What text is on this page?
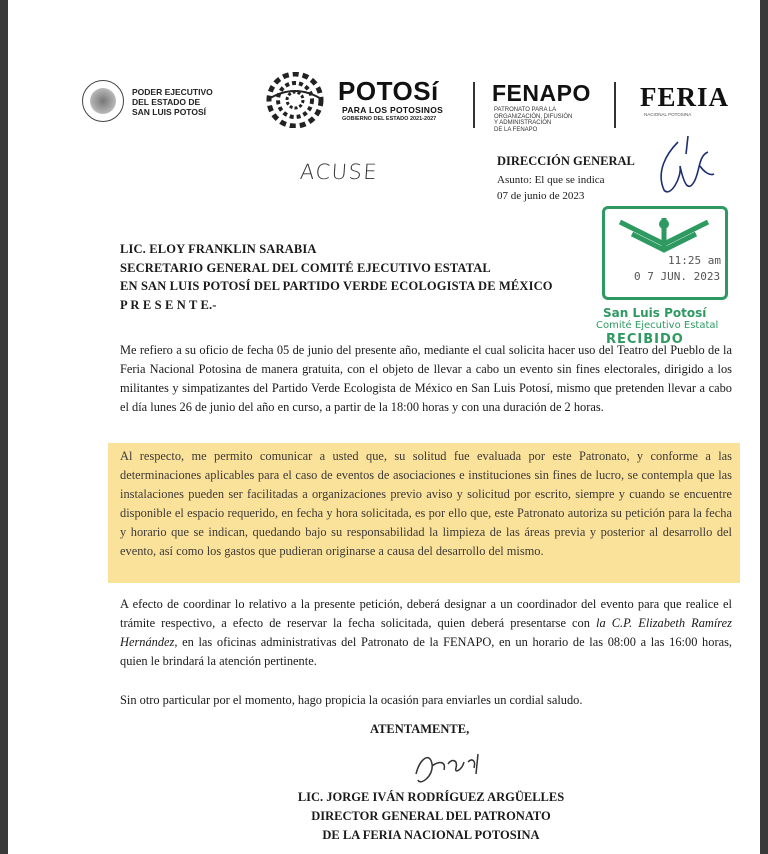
PODER EJECUTIVO
DEL ESTADO DE
SAN LUIS POTOSÍ
POTOSí
PARA LOS POTOSINOS
GOBIERNO DEL ESTADO 2021-2027
FENAPO
PATRONATO PARA LA
ORGANIZACIÓN, DIFUSIÓN
Y ADMINISTRACIÓN
DE LA FENAPO
FERIA
NACIONAL POTOSINA
ACUSE	DIRECCIÓN GENERAL
Asunto: El que se indica
07 de junio de 2023
11:25 am
0 7 JUN. 2023
San Luis Potosí
Comité Ejecutivo Estatal
RECIBIDO
LIC. ELOY FRANKLIN SARABIA
SECRETARIO GENERAL DEL COMITÉ EJECUTIVO ESTATAL
EN SAN LUIS POTOSÍ DEL PARTIDO VERDE ECOLOGISTA DE MÉXICO
P R E S E N T E.-

Me refiero a su oficio de fecha 05 de junio del presente año, mediante el cual solicita hacer uso del Teatro del Pueblo de la Feria Nacional Potosina de manera gratuita, con el objeto de llevar a cabo un evento sin fines electorales, dirigido a los militantes y simpatizantes del Partido Verde Ecologista de México en San Luis Potosí, mismo que pretenden llevar a cabo el día lunes 26 de junio del año en curso, a partir de la 18:00 horas y con una duración de 2 horas.

Al respecto, me permito comunicar a usted que, su solitud fue evaluada por este Patronato, y conforme a las determinaciones aplicables para el caso de eventos de asociaciones e instituciones sin fines de lucro, se contempla que las instalaciones pueden ser facilitadas a organizaciones previo aviso y solicitud por escrito, siempre y cuando se encuentre disponible el espacio requerido, en fecha y hora solicitada, es por ello que, este Patronato autoriza su petición para la fecha y horario que se indican, quedando bajo su responsabilidad la limpieza de las áreas previa y posterior al desarrollo del evento, así como los gastos que pudieran originarse a causa del desarrollo del mismo.

A efecto de coordinar lo relativo a la presente petición, deberá designar a un coordinador del evento para que realice el trámite respectivo, a efecto de reservar la fecha solicitada, quien deberá presentarse con la C.P. Elizabeth Ramírez Hernández, en las oficinas administrativas del Patronato de la FENAPO, en un horario de las 08:00 a las 16:00 horas, quien le brindará la atención pertinente.

Sin otro particular por el momento, hago propicia la ocasión para enviarles un cordial saludo.

ATENTAMENTE,
LIC. JORGE IVÁN RODRÍGUEZ ARGÜELLES
DIRECTOR GENERAL DEL PATRONATO
DE LA FERIA NACIONAL POTOSINA
